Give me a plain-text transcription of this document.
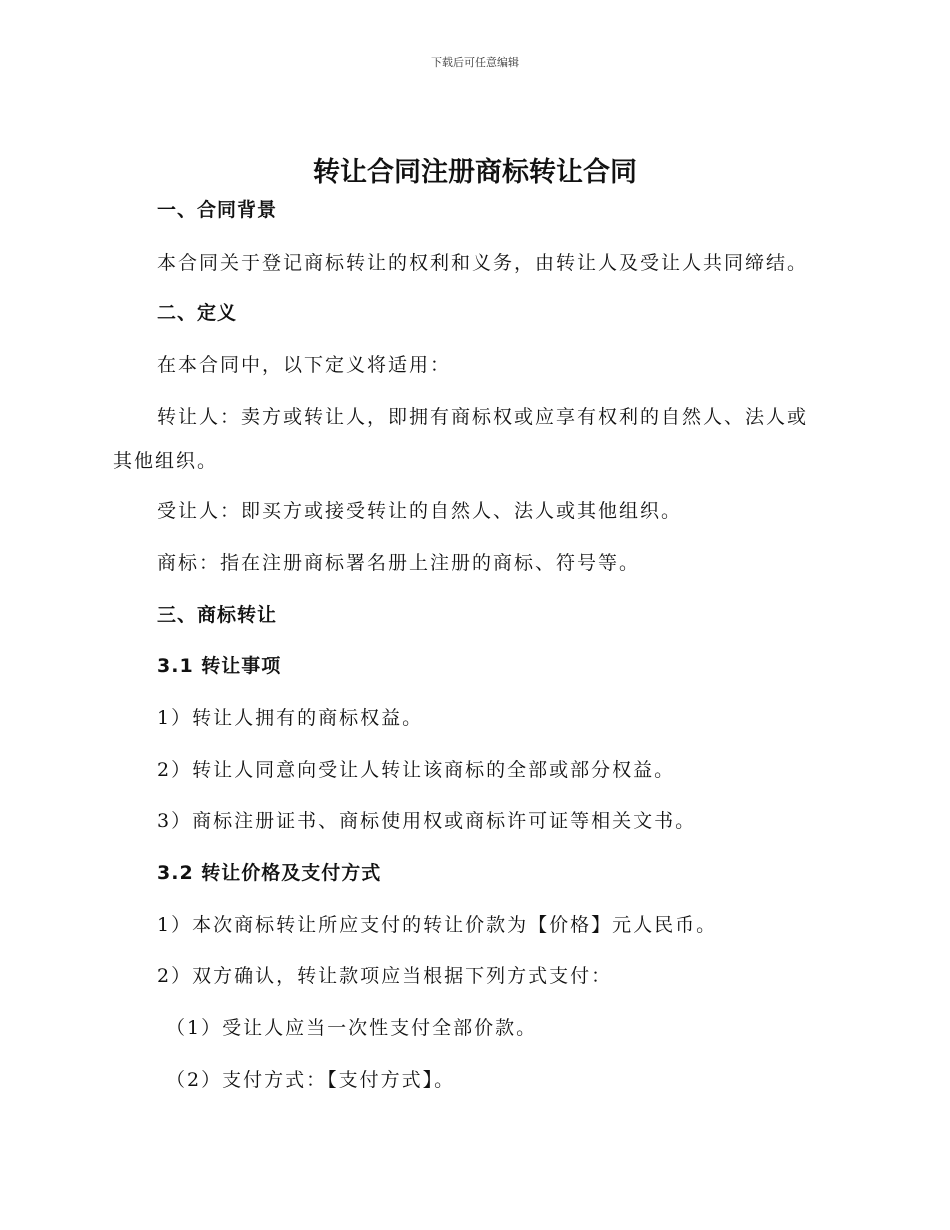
下载后可任意编辑
转让合同注册商标转让合同
一、合同背景
本合同关于登记商标转让的权利和义务，由转让人及受让人共同缔结。
二、定义
在本合同中，以下定义将适用：
转让人：卖方或转让人，即拥有商标权或应享有权利的自然人、法人或
其他组织。
受让人：即买方或接受转让的自然人、法人或其他组织。
商标：指在注册商标署名册上注册的商标、符号等。
三、商标转让
3.1 转让事项
1）转让人拥有的商标权益。
2）转让人同意向受让人转让该商标的全部或部分权益。
3）商标注册证书、商标使用权或商标许可证等相关文书。
3.2 转让价格及支付方式
1）本次商标转让所应支付的转让价款为【价格】元人民币。
2）双方确认，转让款项应当根据下列方式支付：
（1）受让人应当一次性支付全部价款。
（2）支付方式：【支付方式】。
